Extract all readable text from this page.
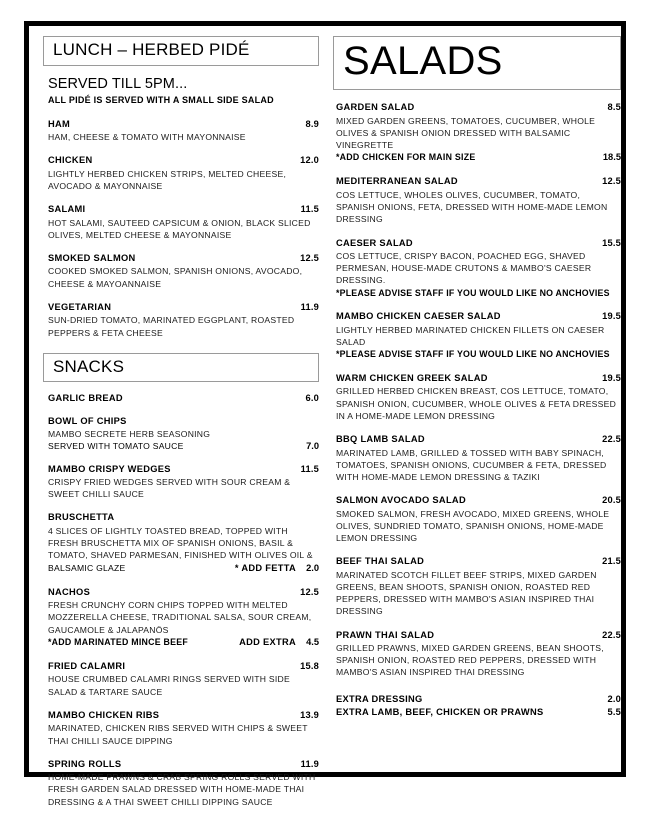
LUNCH – HERBED PIDÉ
SERVED TILL 5PM...
ALL PIDÉ IS SERVED WITH A SMALL SIDE SALAD
HAM	8.9
HAM, CHEESE & TOMATO WITH MAYONNAISE
CHICKEN	12.0
LIGHTLY HERBED CHICKEN STRIPS, MELTED CHEESE, AVOCADO & MAYONNAISE
SALAMI	11.5
HOT SALAMI, SAUTEED CAPSICUM & ONION, BLACK SLICED OLIVES, MELTED CHEESE & MAYONNAISE
SMOKED SALMON	12.5
COOKED SMOKED SALMON, SPANISH ONIONS, AVOCADO, CHEESE & MAYOANNAISE
VEGETARIAN	11.9
SUN-DRIED TOMATO, MARINATED EGGPLANT, ROASTED PEPPERS & FETA CHEESE
SNACKS
GARLIC BREAD	6.0
BOWL OF CHIPS
MAMBO SECRETE HERB SEASONING
SERVED WITH TOMATO SAUCE	7.0
MAMBO CRISPY WEDGES	11.5
CRISPY FRIED WEDGES SERVED WITH SOUR CREAM & SWEET CHILLI SAUCE
BRUSCHETTA
4 SLICES OF LIGHTLY TOASTED BREAD, TOPPED WITH FRESH BRUSCHETTA MIX OF SPANISH ONIONS, BASIL & TOMATO, SHAVED PARMESAN, FINISHED WITH OLIVES OIL &
BALSAMIC GLAZE	* ADD FETTA	2.0
NACHOS	12.5
FRESH CRUNCHY CORN CHIPS TOPPED WITH MELTED MOZZERELLA CHEESE, TRADITIONAL SALSA, SOUR CREAM, GAUCAMOLE & JALAPANÖS
*ADD MARINATED MINCE BEEF	ADD EXTRA	4.5
FRIED CALAMRI	15.8
HOUSE CRUMBED CALAMRI RINGS SERVED WITH SIDE SALAD & TARTARE SAUCE
MAMBO CHICKEN RIBS	13.9
MARINATED, CHICKEN RIBS SERVED WITH CHIPS & SWEET THAI CHILLI SAUCE DIPPING
SPRING ROLLS	11.9
HOME-MADE PRAWNS & CRAB SPRING ROLLS SERVED WITH FRESH GARDEN SALAD DRESSED WITH HOME-MADE THAI DRESSING & A THAI SWEET CHILLI DIPPING SAUCE
SALADS
GARDEN SALAD	8.5
MIXED GARDEN GREENS, TOMATOES, CUCUMBER, WHOLE OLIVES & SPANISH ONION DRESSED WITH BALSAMIC VINEGRETTE
*ADD CHICKEN FOR MAIN SIZE	18.5
MEDITERRANEAN SALAD	12.5
COS LETTUCE, WHOLES OLIVES, CUCUMBER, TOMATO, SPANISH ONIONS, FETA, DRESSED WITH HOME-MADE LEMON DRESSING
CAESER SALAD	15.5
COS LETTUCE, CRISPY BACON, POACHED EGG, SHAVED PERMESAN, HOUSE-MADE CRUTONS & MAMBO'S CAESER DRESSING.
*PLEASE ADVISE STAFF IF YOU WOULD LIKE NO ANCHOVIES
MAMBO CHICKEN CAESER SALAD	19.5
LIGHTLY HERBED MARINATED CHICKEN FILLETS ON CAESER SALAD
*PLEASE ADVISE STAFF IF YOU WOULD LIKE NO ANCHOVIES
WARM CHICKEN GREEK SALAD	19.5
GRILLED HERBED CHICKEN BREAST, COS LETTUCE, TOMATO, SPANISH ONION, CUCUMBER, WHOLE OLIVES & FETA DRESSED IN A HOME-MADE LEMON DRESSING
BBQ LAMB SALAD	22.5
MARINATED LAMB, GRILLED & TOSSED WITH BABY SPINACH, TOMATOES, SPANISH ONIONS, CUCUMBER & FETA, DRESSED WITH HOME-MADE LEMON DRESSING & TAZIKI
SALMON AVOCADO SALAD	20.5
SMOKED SALMON, FRESH AVOCADO, MIXED GREENS, WHOLE OLIVES, SUNDRIED TOMATO, SPANISH ONIONS, HOME-MADE LEMON DRESSING
BEEF THAI SALAD	21.5
MARINATED SCOTCH FILLET BEEF STRIPS, MIXED GARDEN GREENS, BEAN SHOOTS, SPANISH ONION, ROASTED RED PEPPERS, DRESSED WITH MAMBO'S ASIAN INSPIRED THAI DRESSING
PRAWN THAI SALAD	22.5
GRILLED PRAWNS, MIXED GARDEN GREENS, BEAN SHOOTS, SPANISH ONION, ROASTED RED PEPPERS, DRESSED WITH MAMBO'S ASIAN INSPIRED THAI DRESSING
EXTRA DRESSING	2.0
EXTRA LAMB, BEEF, CHICKEN OR PRAWNS	5.5
